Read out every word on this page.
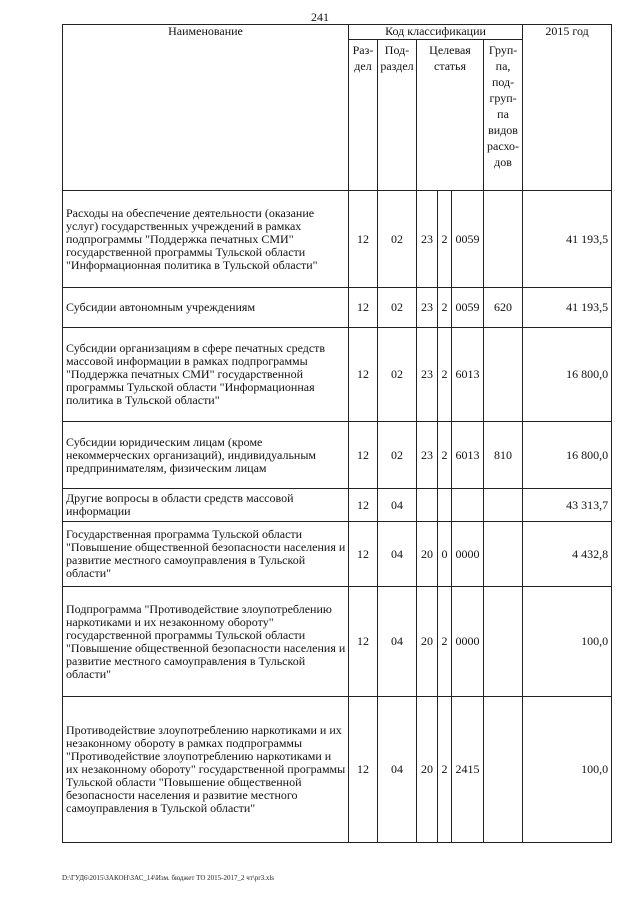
241
Наименование	Код классификации						2015 год
	Раз-дел	Под-раздел	Целевая статья			Груп-па, под-груп-па видов расхо-дов	
Расходы на обеспечение деятельности (оказание услуг) государственных учреждений в рамках подпрограммы "Поддержка печатных СМИ" государственной программы Тульской области "Информационная политика в Тульской области"	12	02	23	2	0059		41 193,5
Субсидии автономным учреждениям	12	02	23	2	0059	620	41 193,5
Субсидии организациям в сфере печатных средств массовой информации в рамках подпрограммы "Поддержка печатных СМИ" государственной программы Тульской области "Информационная политика в Тульской области"	12	02	23	2	6013		16 800,0
Субсидии юридическим лицам (кроме некоммерческих организаций), индивидуальным предпринимателям, физическим лицам	12	02	23	2	6013	810	16 800,0
Другие вопросы в области средств массовой информации	12	04					43 313,7
Государственная программа Тульской области "Повышение общественной безопасности населения и развитие местного самоуправления в Тульской области"	12	04	20	0	0000		4 432,8
Подпрограмма "Противодействие злоупотреблению наркотиками и их незаконному обороту" государственной программы Тульской области "Повышение общественной безопасности населения и развитие местного самоуправления в Тульской области"	12	04	20	2	0000		100,0
Противодействие злоупотреблению наркотиками и их незаконному обороту в рамках подпрограммы "Противодействие злоупотреблению наркотиками и их незаконному обороту" государственной программы Тульской области "Повышение общественной безопасности населения и развитие местного самоуправления в Тульской области"	12	04	20	2	2415		100,0
D:\ГУД6\2015\ЗАКОН\ЗАС_14\Изм. бюджет ТО 2015-2017_2 чт\pr3.xls
